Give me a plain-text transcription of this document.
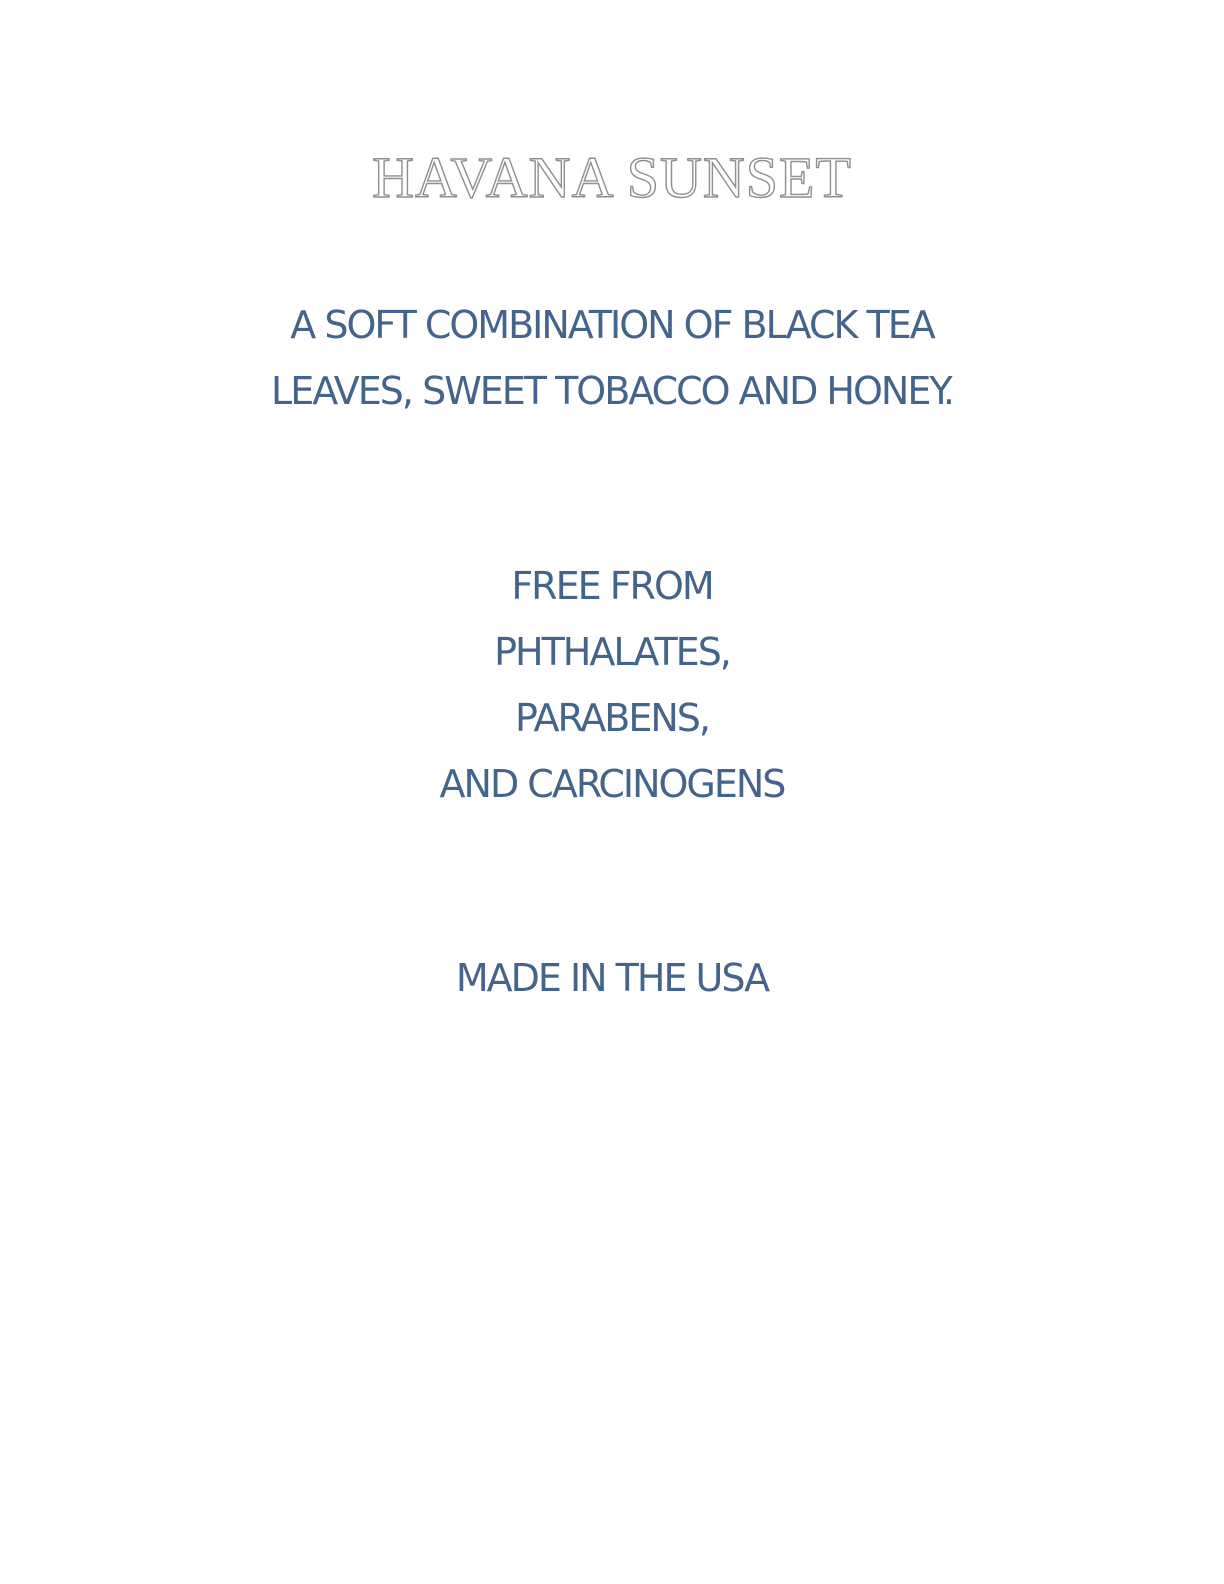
HAVANA SUNSET
A SOFT COMBINATION OF BLACK TEA
LEAVES, SWEET TOBACCO AND HONEY.
FREE FROM
PHTHALATES,
PARABENS,
AND CARCINOGENS
MADE IN THE USA
